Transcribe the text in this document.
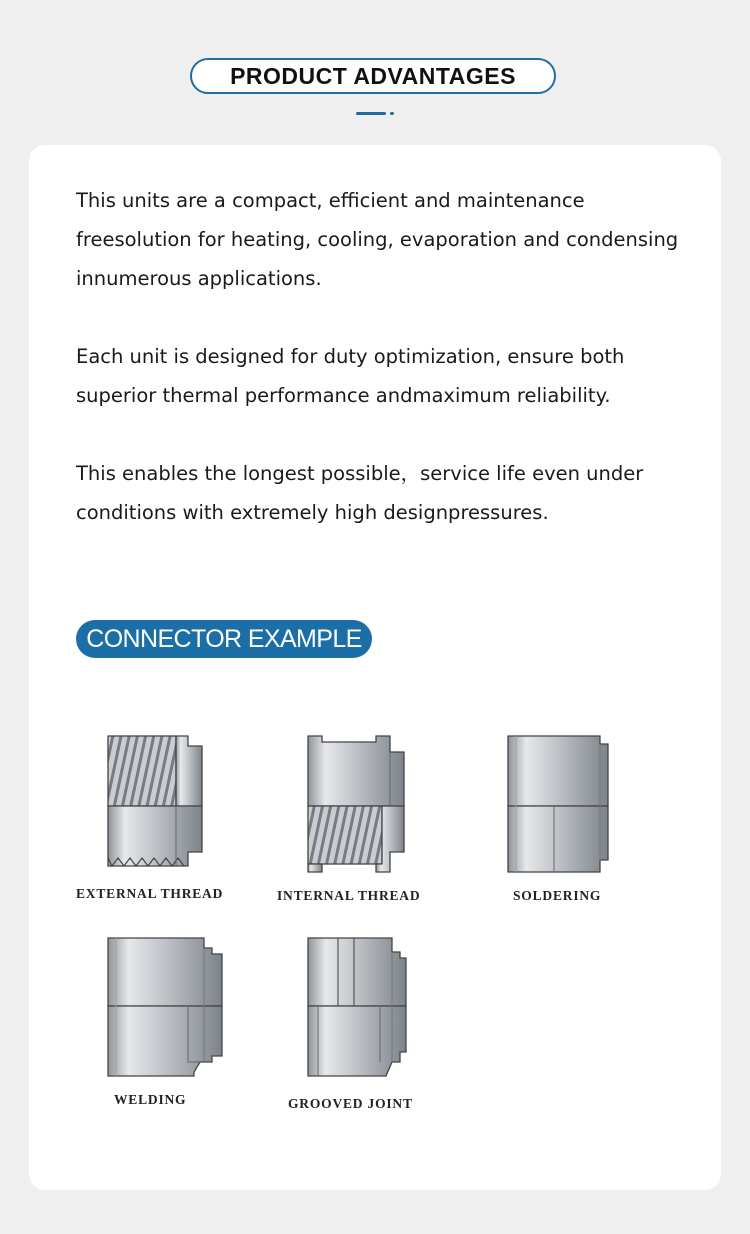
PRODUCT ADVANTAGES

This units are a compact, efficient and maintenance freesolution for heating, cooling, evaporation and condensing innumerous applications.

Each unit is designed for duty optimization, ensure both superior thermal performance andmaximum reliability.

This enables the longest possible，service life even under conditions with extremely high designpressures.

CONNECTOR EXAMPLE
EXTERNAL THREAD	INTERNAL THREAD	SOLDERING
WELDING	GROOVED JOINT
